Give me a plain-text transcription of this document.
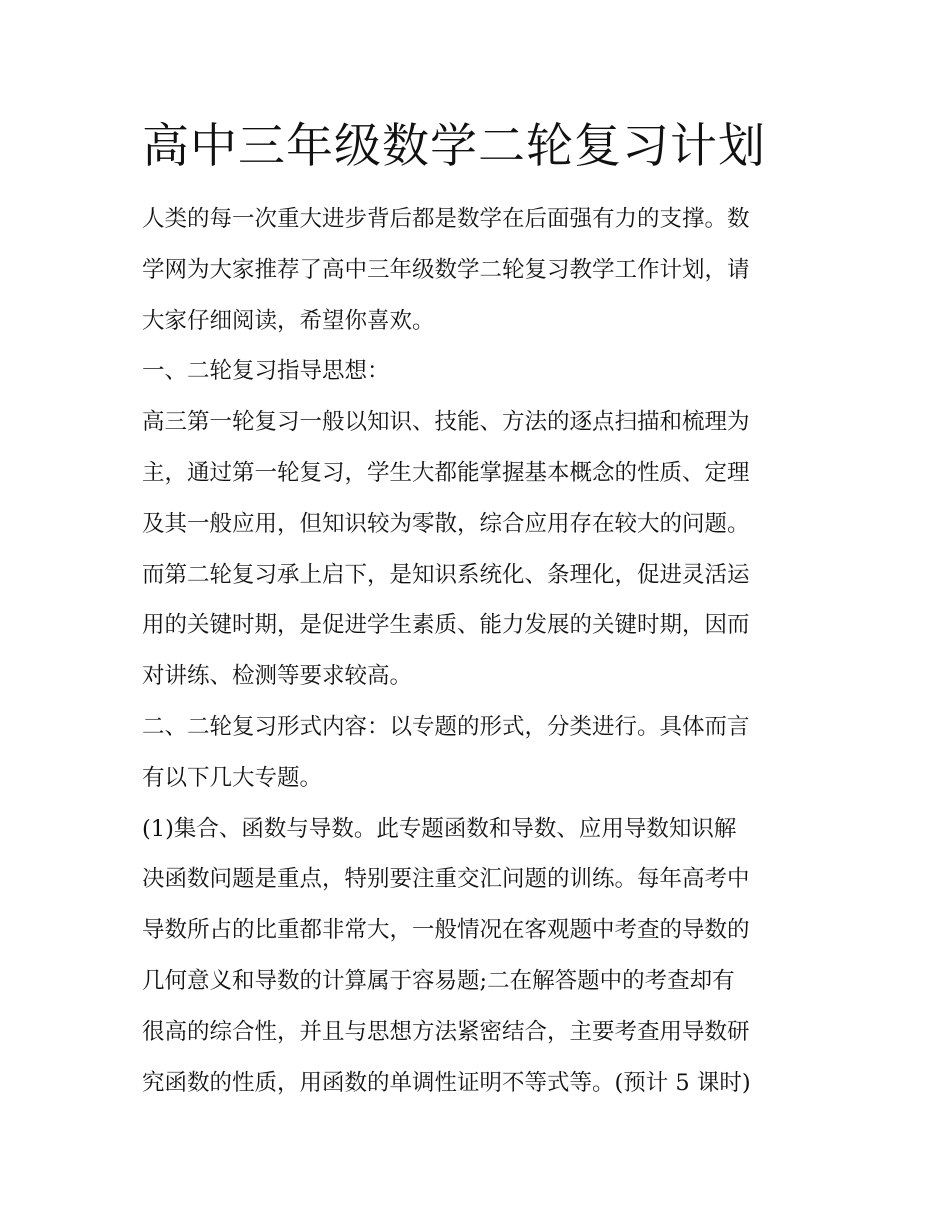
高中三年级数学二轮复习计划

人类的每一次重大进步背后都是数学在后面强有力的支撑。数

学网为大家推荐了高中三年级数学二轮复习教学工作计划，请

大家仔细阅读，希望你喜欢。

一、二轮复习指导思想：

高三第一轮复习一般以知识、技能、方法的逐点扫描和梳理为

主，通过第一轮复习，学生大都能掌握基本概念的性质、定理

及其一般应用，但知识较为零散，综合应用存在较大的问题。

而第二轮复习承上启下，是知识系统化、条理化，促进灵活运

用的关键时期，是促进学生素质、能力发展的关键时期，因而

对讲练、检测等要求较高。

二、二轮复习形式内容：以专题的形式，分类进行。具体而言

有以下几大专题。

(1)集合、函数与导数。此专题函数和导数、应用导数知识解

决函数问题是重点，特别要注重交汇问题的训练。每年高考中

导数所占的比重都非常大，一般情况在客观题中考查的导数的

几何意义和导数的计算属于容易题;二在解答题中的考查却有

很高的综合性，并且与思想方法紧密结合，主要考查用导数研

究函数的性质，用函数的单调性证明不等式等。(预计 5 课时)
